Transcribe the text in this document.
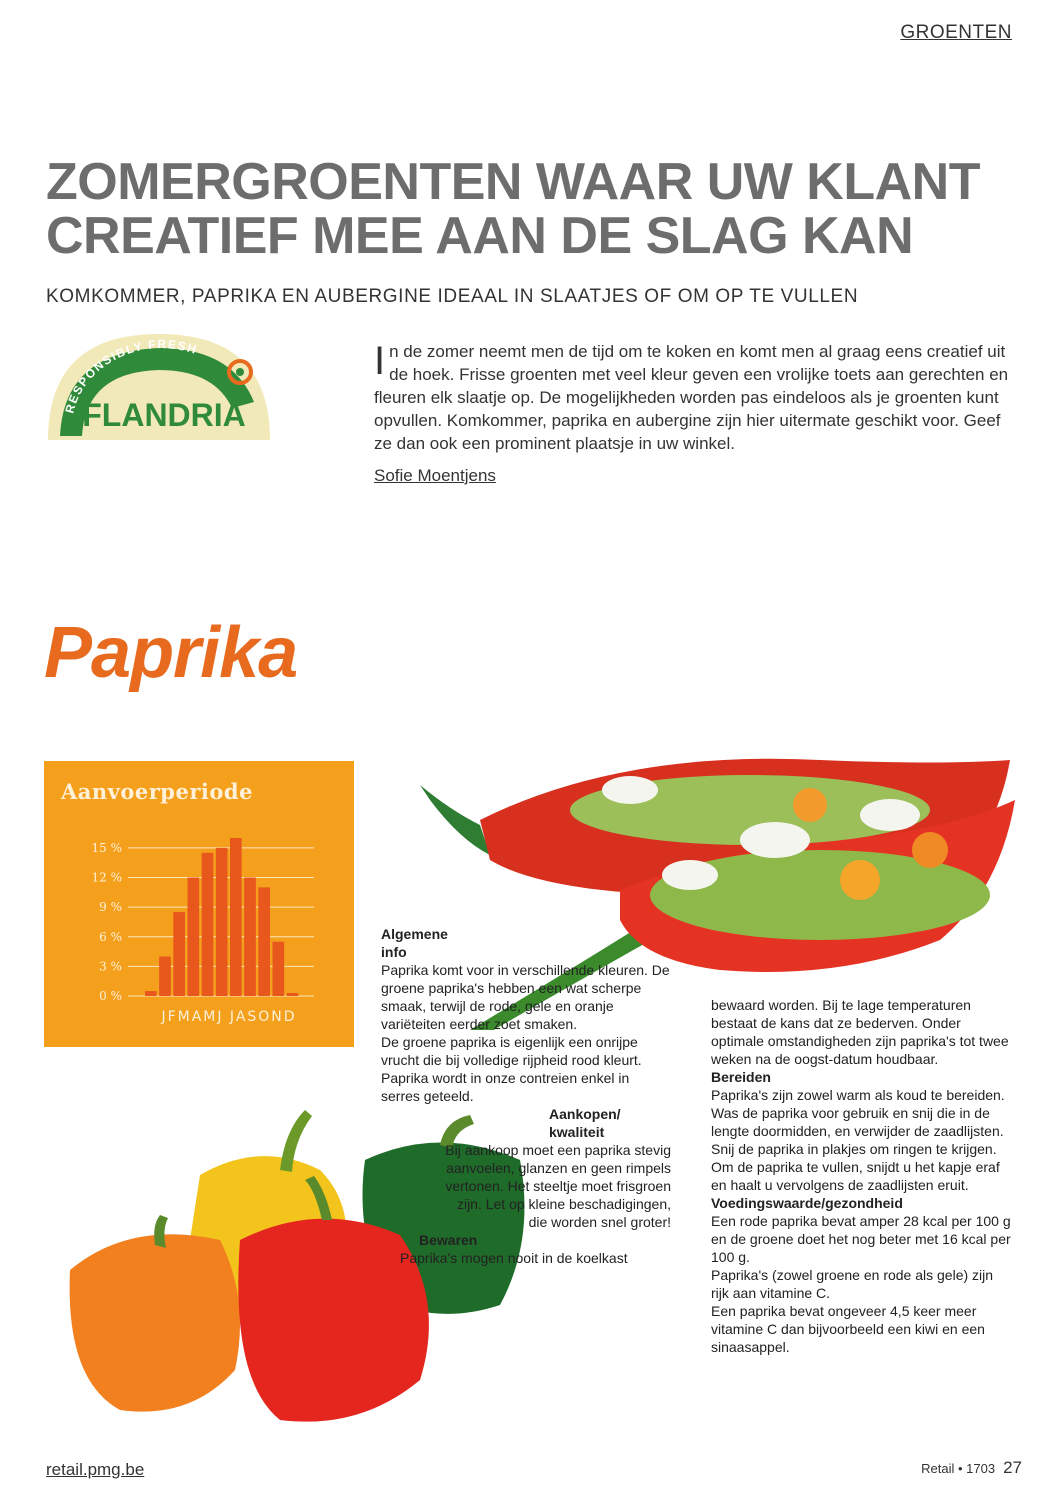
GROENTEN
ZOMERGROENTEN WAAR UW KLANT
CREATIEF MEE AAN DE SLAG KAN
KOMKOMMER, PAPRIKA EN AUBERGINE IDEAAL IN SLAATJES OF OM OP TE VULLEN
RESPONSIBLY FRESH
FLANDRIA
In de zomer neemt men de tijd om te koken en komt men al graag eens creatief uit de hoek. Frisse groenten met veel kleur geven een vrolijke toets aan gerechten en fleuren elk slaatje op. De mogelijkheden worden pas eindeloos als je groenten kunt opvullen. Komkommer, paprika en aubergine zijn hier uitermate geschikt voor. Geef ze dan ook een prominent plaatsje in uw winkel.
Sofie Moentjens
Paprika
Aanvoerperiode
0 %
3 %
6 %
9 %
12 %
15 %
JFMAMJ JASOND

Algemene info

Paprika komt voor in verschillende kleuren. De groene paprika's hebben een wat scherpe smaak, terwijl de rode, gele en oranje variëteiten eerder zoet smaken.

De groene paprika is eigenlijk een onrijpe vrucht die bij volledige rijpheid rood kleurt. Paprika wordt in onze contreien enkel in serres geteeld.

Aankopen/ kwaliteit

Bij aankoop moet een paprika stevig aanvoelen, glanzen en geen rimpels vertonen. Het steeltje moet frisgroen zijn. Let op kleine beschadigingen, die worden snel groter!

Bewaren

Paprika's mogen nooit in de koelkast

bewaard worden. Bij te lage temperaturen bestaat de kans dat ze bederven. Onder optimale omstandigheden zijn paprika's tot twee weken na de oogst-datum houdbaar.

Bereiden

Paprika's zijn zowel warm als koud te bereiden. Was de paprika voor gebruik en snij die in de lengte doormidden, en verwijder de zaadlijsten.

Snij de paprika in plakjes om ringen te krijgen.

Om de paprika te vullen, snijdt u het kapje eraf en haalt u vervolgens de zaadlijsten eruit.

Voedingswaarde/gezondheid

Een rode paprika bevat amper 28 kcal per 100 g en de groene doet het nog beter met 16 kcal per 100 g.

Paprika's (zowel groene en rode als gele) zijn rijk aan vitamine C.

Een paprika bevat ongeveer 4,5 keer meer vitamine C dan bijvoorbeeld een kiwi en een sinaasappel.

retail.pmg.be	Retail • 1703 27
